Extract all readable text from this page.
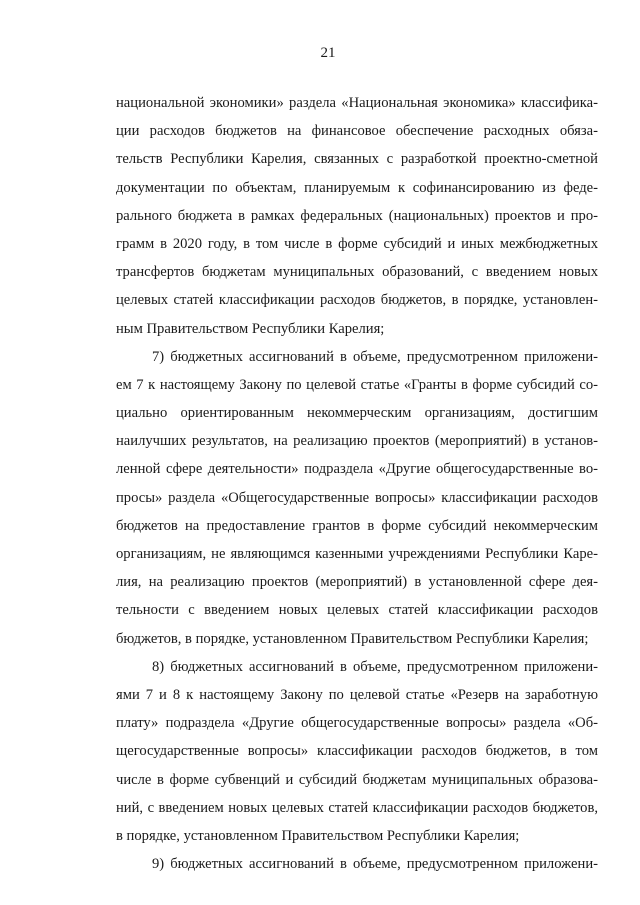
21
национальной экономики» раздела «Национальная экономика» классифика-
ции расходов бюджетов на финансовое обеспечение расходных обяза-
тельств Республики Карелия, связанных с разработкой проектно-сметной
документации по объектам, планируемым к софинансированию из феде-
рального бюджета в рамках федеральных (национальных) проектов и про-
грамм в 2020 году, в том числе в форме субсидий и иных межбюджетных
трансфертов бюджетам муниципальных образований, с введением новых
целевых статей классификации расходов бюджетов, в порядке, установлен-
ным Правительством Республики Карелия;
7) бюджетных ассигнований в объеме, предусмотренном приложени-
ем 7 к настоящему Закону по целевой статье «Гранты в форме субсидий со-
циально ориентированным некоммерческим организациям, достигшим
наилучших результатов, на реализацию проектов (мероприятий) в установ-
ленной сфере деятельности» подраздела «Другие общегосударственные во-
просы» раздела «Общегосударственные вопросы» классификации расходов
бюджетов на предоставление грантов в форме субсидий некоммерческим
организациям, не являющимся казенными учреждениями Республики Каре-
лия, на реализацию проектов (мероприятий) в установленной сфере дея-
тельности с введением новых целевых статей классификации расходов
бюджетов, в порядке, установленном Правительством Республики Карелия;
8) бюджетных ассигнований в объеме, предусмотренном приложени-
ями 7 и 8 к настоящему Закону по целевой статье «Резерв на заработную
плату» подраздела «Другие общегосударственные вопросы» раздела «Об-
щегосударственные вопросы» классификации расходов бюджетов, в том
числе в форме субвенций и субсидий бюджетам муниципальных образова-
ний, с введением новых целевых статей классификации расходов бюджетов,
в порядке, установленном Правительством Республики Карелия;
9) бюджетных ассигнований в объеме, предусмотренном приложени-
